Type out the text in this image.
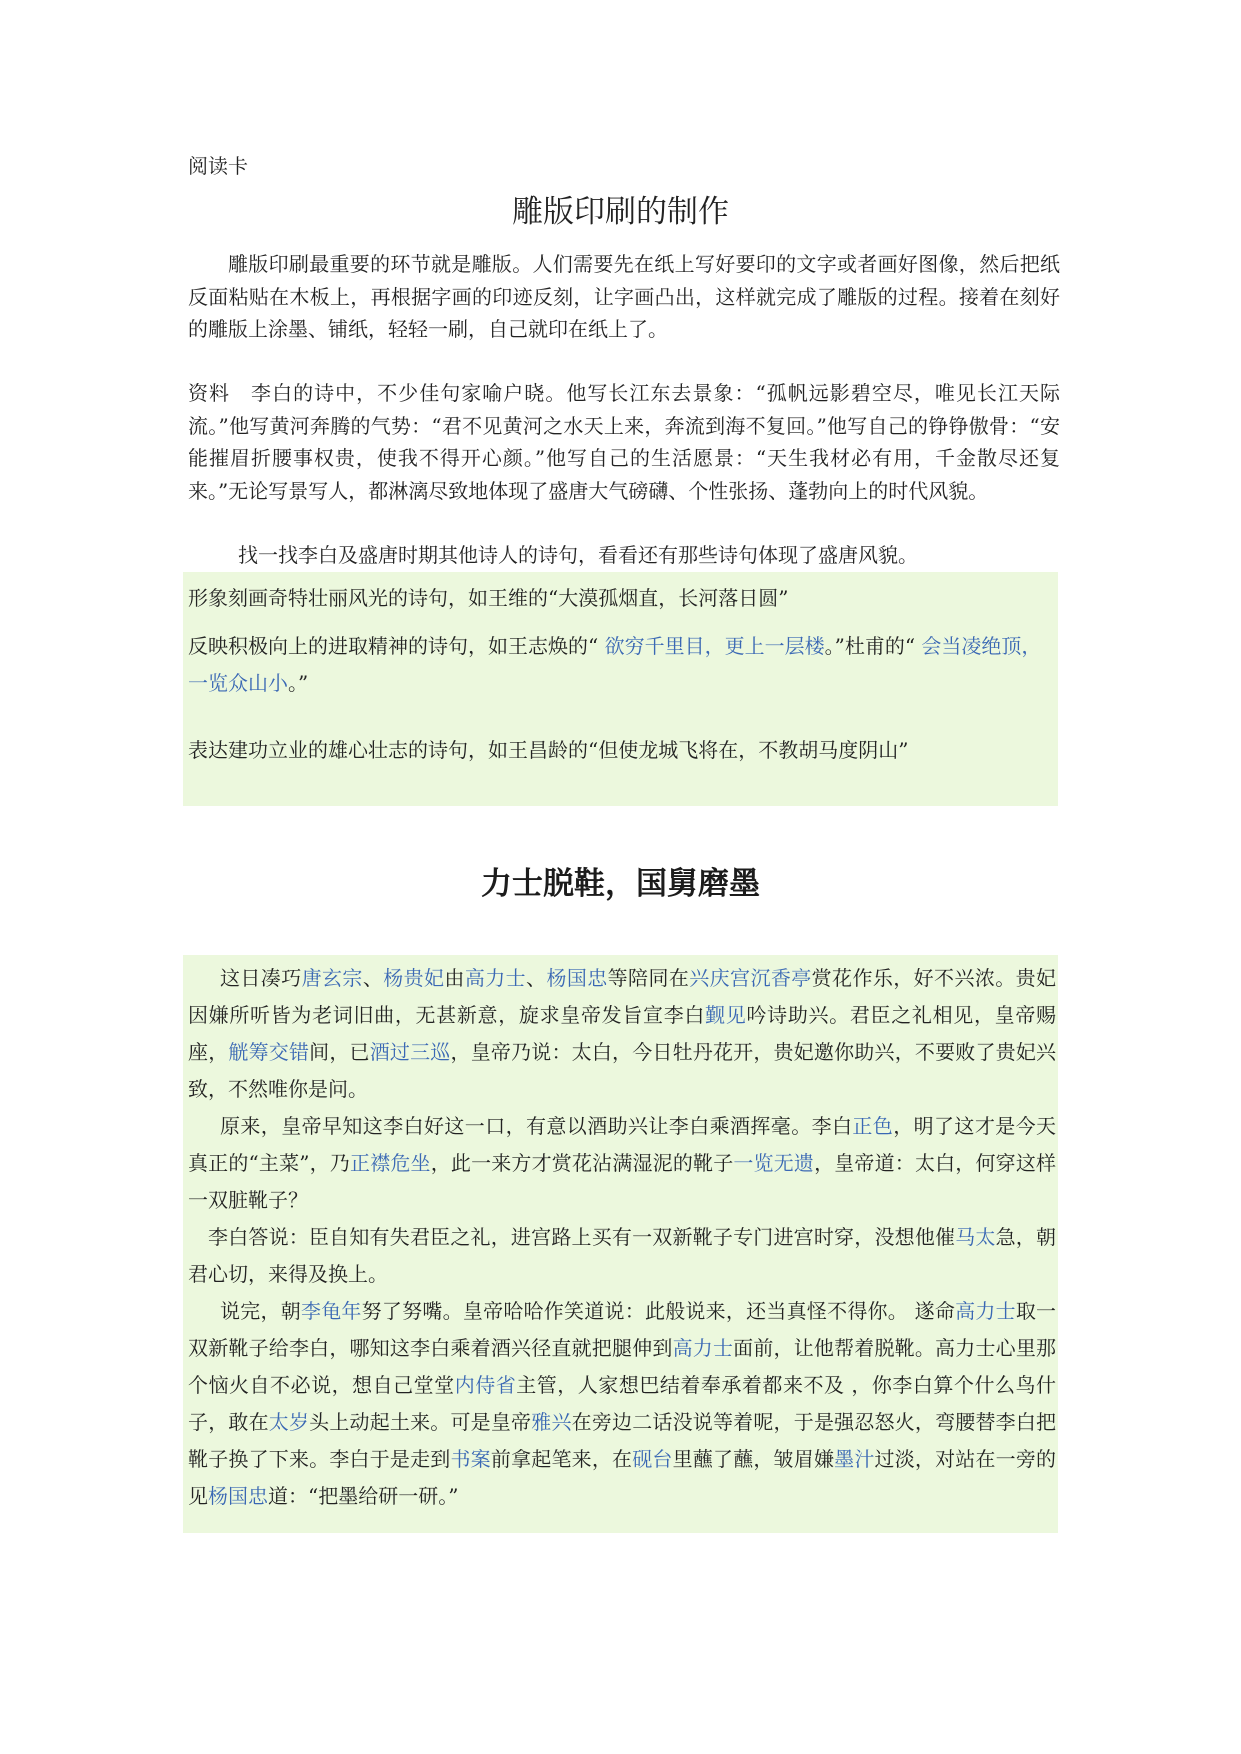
阅读卡
雕版印刷的制作

雕版印刷最重要的环节就是雕版。人们需要先在纸上写好要印的文字或者画好图像，然后把纸反面粘贴在木板上，再根据字画的印迹反刻，让字画凸出，这样就完成了雕版的过程。接着在刻好的雕版上涂墨、铺纸，轻轻一刷，自己就印在纸上了。

资料　李白的诗中，不少佳句家喻户晓。他写长江东去景象：“孤帆远影碧空尽，唯见长江天际流。”他写黄河奔腾的气势：“君不见黄河之水天上来，奔流到海不复回。”他写自己的铮铮傲骨：“安能摧眉折腰事权贵，使我不得开心颜。”他写自己的生活愿景：“天生我材必有用，千金散尽还复来。”无论写景写人，都淋漓尽致地体现了盛唐大气磅礴、个性张扬、蓬勃向上的时代风貌。

找一找李白及盛唐时期其他诗人的诗句，看看还有那些诗句体现了盛唐风貌。

形象刻画奇特壮丽风光的诗句，如王维的“大漠孤烟直，长河落日圆”

反映积极向上的进取精神的诗句，如王志焕的“ 欲穷千里目，更上一层楼。”杜甫的“ 会当凌绝顶，一览众山小。”

表达建功立业的雄心壮志的诗句，如王昌龄的“但使龙城飞将在，不教胡马度阴山”

力士脱鞋，国舅磨墨

这日凑巧唐玄宗、杨贵妃由高力士、杨国忠等陪同在兴庆宫沉香亭赏花作乐，好不兴浓。贵妃因嫌所听皆为老词旧曲，无甚新意，旋求皇帝发旨宣李白觐见吟诗助兴。君臣之礼相见，皇帝赐座，觥筹交错间，已酒过三巡，皇帝乃说：太白，今日牡丹花开，贵妃邀你助兴，不要败了贵妃兴致，不然唯你是问。

原来，皇帝早知这李白好这一口，有意以酒助兴让李白乘酒挥毫。李白正色，明了这才是今天真正的“主菜”，乃正襟危坐，此一来方才赏花沾满湿泥的靴子一览无遗，皇帝道：太白，何穿这样一双脏靴子？

李白答说：臣自知有失君臣之礼，进宫路上买有一双新靴子专门进宫时穿，没想他催马太急，朝君心切，来得及换上。

说完，朝李龟年努了努嘴。皇帝哈哈作笑道说：此般说来，还当真怪不得你。 遂命高力士取一双新靴子给李白，哪知这李白乘着酒兴径直就把腿伸到高力士面前，让他帮着脱靴。高力士心里那个恼火自不必说，想自己堂堂内侍省主管，人家想巴结着奉承着都来不及 ，你李白算个什么鸟什子，敢在太岁头上动起土来。可是皇帝雅兴在旁边二话没说等着呢，于是强忍怒火，弯腰替李白把靴子换了下来。李白于是走到书案前拿起笔来，在砚台里蘸了蘸，皱眉嫌墨汁过淡，对站在一旁的见杨国忠道：“把墨给研一研。”
